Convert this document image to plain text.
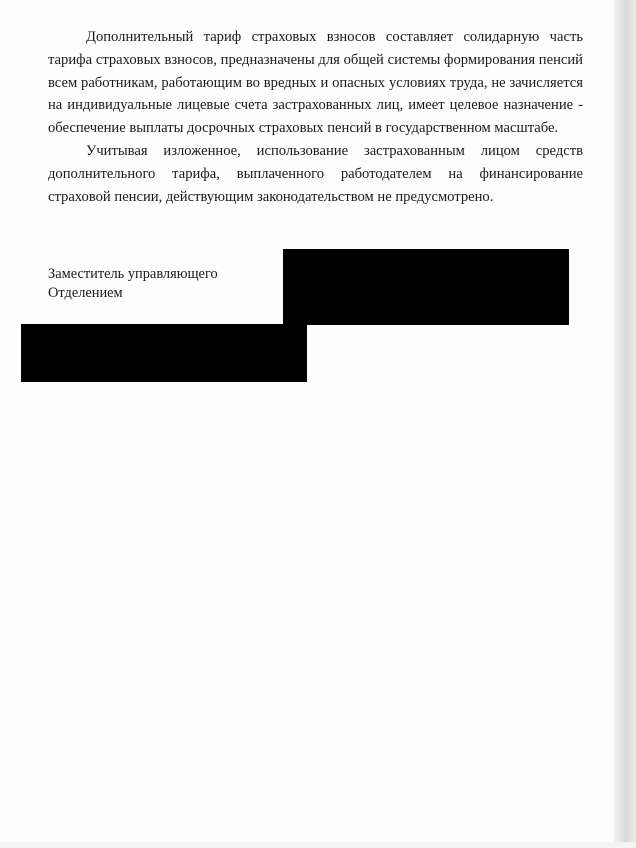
Дополнительный тариф страховых взносов составляет солидарную часть тарифа страховых взносов, предназначены для общей системы формирования пенсий всем работникам, работающим во вредных и опасных условиях труда, не зачисляется на индивидуальные лицевые счета застрахованных лиц, имеет целевое назначение - обеспечение выплаты досрочных страховых пенсий в государственном масштабе.

Учитывая изложенное, использование застрахованным лицом средств дополнительного тарифа, выплаченного работодателем на финансирование страховой пенсии, действующим законодательством не предусмотрено.

Заместитель управляющего
Отделением
